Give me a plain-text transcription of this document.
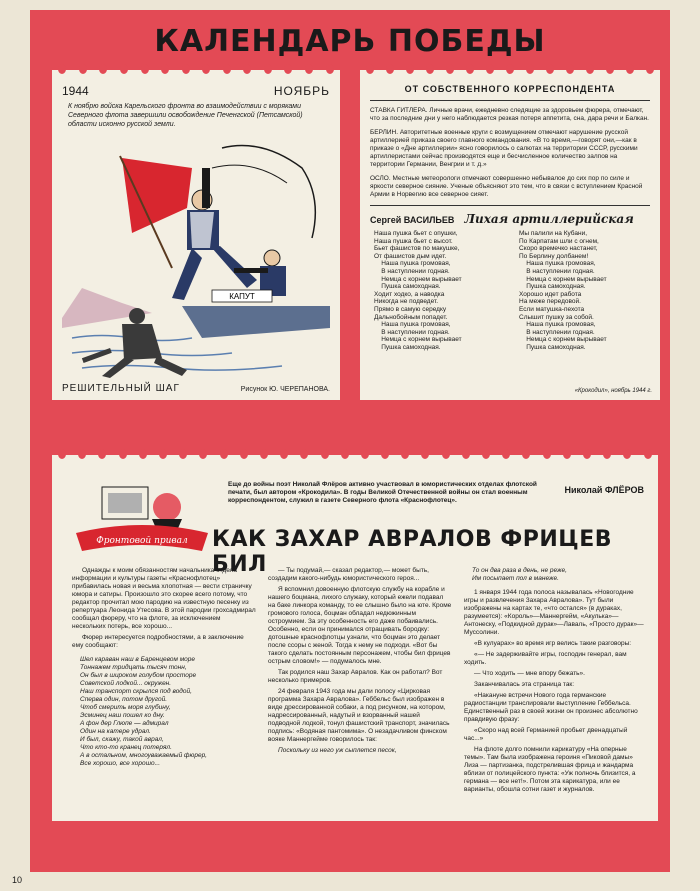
КАЛЕНДАРЬ ПОБЕДЫ
1944	НОЯБРЬ
К ноябрю войска Карельского фронта во взаимодействии с моряками Северного флота завершили освобождение Печенгской (Петсамской) области исконно русской земли.
КАПУТ
РЕШИТЕЛЬНЫЙ ШАГ	Рисунок Ю. ЧЕРЕПАНОВА.
ОТ СОБСТВЕННОГО КОРРЕСПОНДЕНТА

СТАВКА ГИТЛЕРА. Личные врачи, ежедневно следящие за здоровьем фюрера, отмечают, что за последние дни у него наблюдается резкая потеря аппетита, сна, дара речи и Балкан.

БЕРЛИН. Авторитетные военные круги с возмущением отмечают нарушение русской артиллерией приказа своего главного командования. «В то время,—говорят они,—как в приказе о «Дне артиллерии» ясно говорилось о салютах на территории СССР, русскими артиллеристами сейчас производятся еще и бесчисленное количество залпов на территории Германии, Венгрии и т. д.»

ОСЛО. Местные метеорологи отмечают совершенно небывалое до сих пор по силе и яркости северное сияние. Ученые объясняют это тем, что в связи с вступлением Красной Армии в Норвегию все северное сияет.

Сергей ВАСИЛЬЕВ Лихая артиллерийская
Наша пушка бьет с опушки,
Наша пушка бьет с высот.
Бьет фашистов по макушке,
От фашистов дым идет.
Наша пушка громовая,
В наступлении годная.
Немца с корнем вырывает
Пушка самоходная.
Ходит ходко, а наводка
Никогда не подведет.
Прямо в самую середку
Дальнобойным попадет.
Наша пушка громовая,
В наступлении годная.
Немца с корнем вырывает
Пушка самоходная.
Мы палили на Кубани,
По Карпатам шли с огнем,
Скоро времечко настанет,
По Берлину долбанем!
Наша пушка громовая,
В наступлении годная.
Немца с корнем вырывает
Пушка самоходная.
Хорошо идет работа
На меже передовой.
Если матушка-пехота
Слышит пушку за собой.
Наша пушка громовая,
В наступлении годная.
Немца с корнем вырывает
Пушка самоходная.
«Крокодил», ноябрь 1944 г.
Фронтовой привал
Еще до войны поэт Николай Флёров активно участвовал в юмористических отделах флотской печати, был автором «Крокодила». В годы Великой Отечественной войны он стал военным корреспондентом, служил в газете Северного флота «Краснофлотец».
Николай ФЛЁРОВ
КАК ЗАХАР АВРАЛОВ ФРИЦЕВ БИЛ

Однажды к моим обязанностям начальника отдела информации и культуры газеты «Краснофлотец» прибавилась новая и весьма хлопотная — вести страничку юмора и сатиры. Произошло это скорее всего потому, что редактор прочитал мою пародию на известную песенку из репертуара Леонида Утесова. В этой пародии грохсадмирал сообщал фюреру, что на флоте, за исключением нескольких потерь, все хорошо...

Фюрер интересуется подробностями, а в заключение ему сообщают:

Шел караван наш в Баренцевом море
Тоннажем тридцать тысяч тонн,
Он был в широком голубом просторе
Советской лодкой... окружен.
Наш транспорт скрылся под водой,
Сперва один, потом другой.
Чтоб смерить моря глубину,
Эсминец наш пошел ко дну.
А фон дер Глюпе — адмирал
Один на катере удрал.
И был, скажу, такой аврал,
Что кто-то кранец потерял.
А в остальном, многоуважаемый фюрер,
Все хорошо, все хорошо...

— Ты подумай,— сказал редактор,— может быть, создадим какого-нибудь юмористического героя...

Я вспомнил довоенную флотскую службу на корабле и нашего боцмана, лихого служаку, который ежели подавал на баке линкора команду, то ее слышно было на юте. Кроме громового голоса, боцман обладал недюжинным остроумием. За эту особенность его даже побаивались. Особенно, если он принимался отращивать бородку: дотошные краснофлотцы узнали, что боцман это делает после ссоры с женой. Тогда к нему не подходи. «Вот бы такого сделать постоянным персонажем, чтобы бил фрицев острым словом!» — подумалось мне.

Так родился наш Захар Авралов. Как он работал? Вот несколько примеров.

24 февраля 1943 года мы дали полосу «Цирковая программа Захара Авралова». Геббельс был изображен в виде дрессированной собаки, а под рисунком, на котором, надрессированный, надутый и взорванный нашей подводной лодкой, тонул фашистский транспорт, значилась подпись: «Водяная пантомима». О незадачливом финском вояке Маннергейме говорилось так:

Поскольку из него уж сыплется песок,

То он два раза в день, не реже,
Им посыпает пол в манеже.

1 января 1944 года полоса называлась «Новогодние игры и развлечения Захара Авралова». Тут были изображены на картах те, «что остался» (в дураках, разумеется): «Король»—Маннергейм, «Акулька»—Антонеску, «Подкидной дурак»—Лаваль, «Просто дурак»—Муссолини.

«В кулуарах» во время игр велись такие разговоры:

«— Не задерживайте игры, господин генерал, вам ходить.

— Что ходить — мне впору бежать».

Заканчивалась эта страница так:

«Накануне встречи Нового года германские радиостанции транслировали выступление Геббельса. Единственный раз в своей жизни он произнес абсолютно правдивую фразу:

«Скоро над всей Германией пробьет двенадцатый час...»

На флоте долго помнили карикатуру «На оперные темы». Там была изображена героиня «Пиковой дамы» Лиза — партизанка, подстрелившая фрица и жандарма вблизи от полицейского пункта: «Уж полночь близится, а германа — все нет!». Потом эта карикатура, или ее варианты, обошла сотни газет и журналов.

10
